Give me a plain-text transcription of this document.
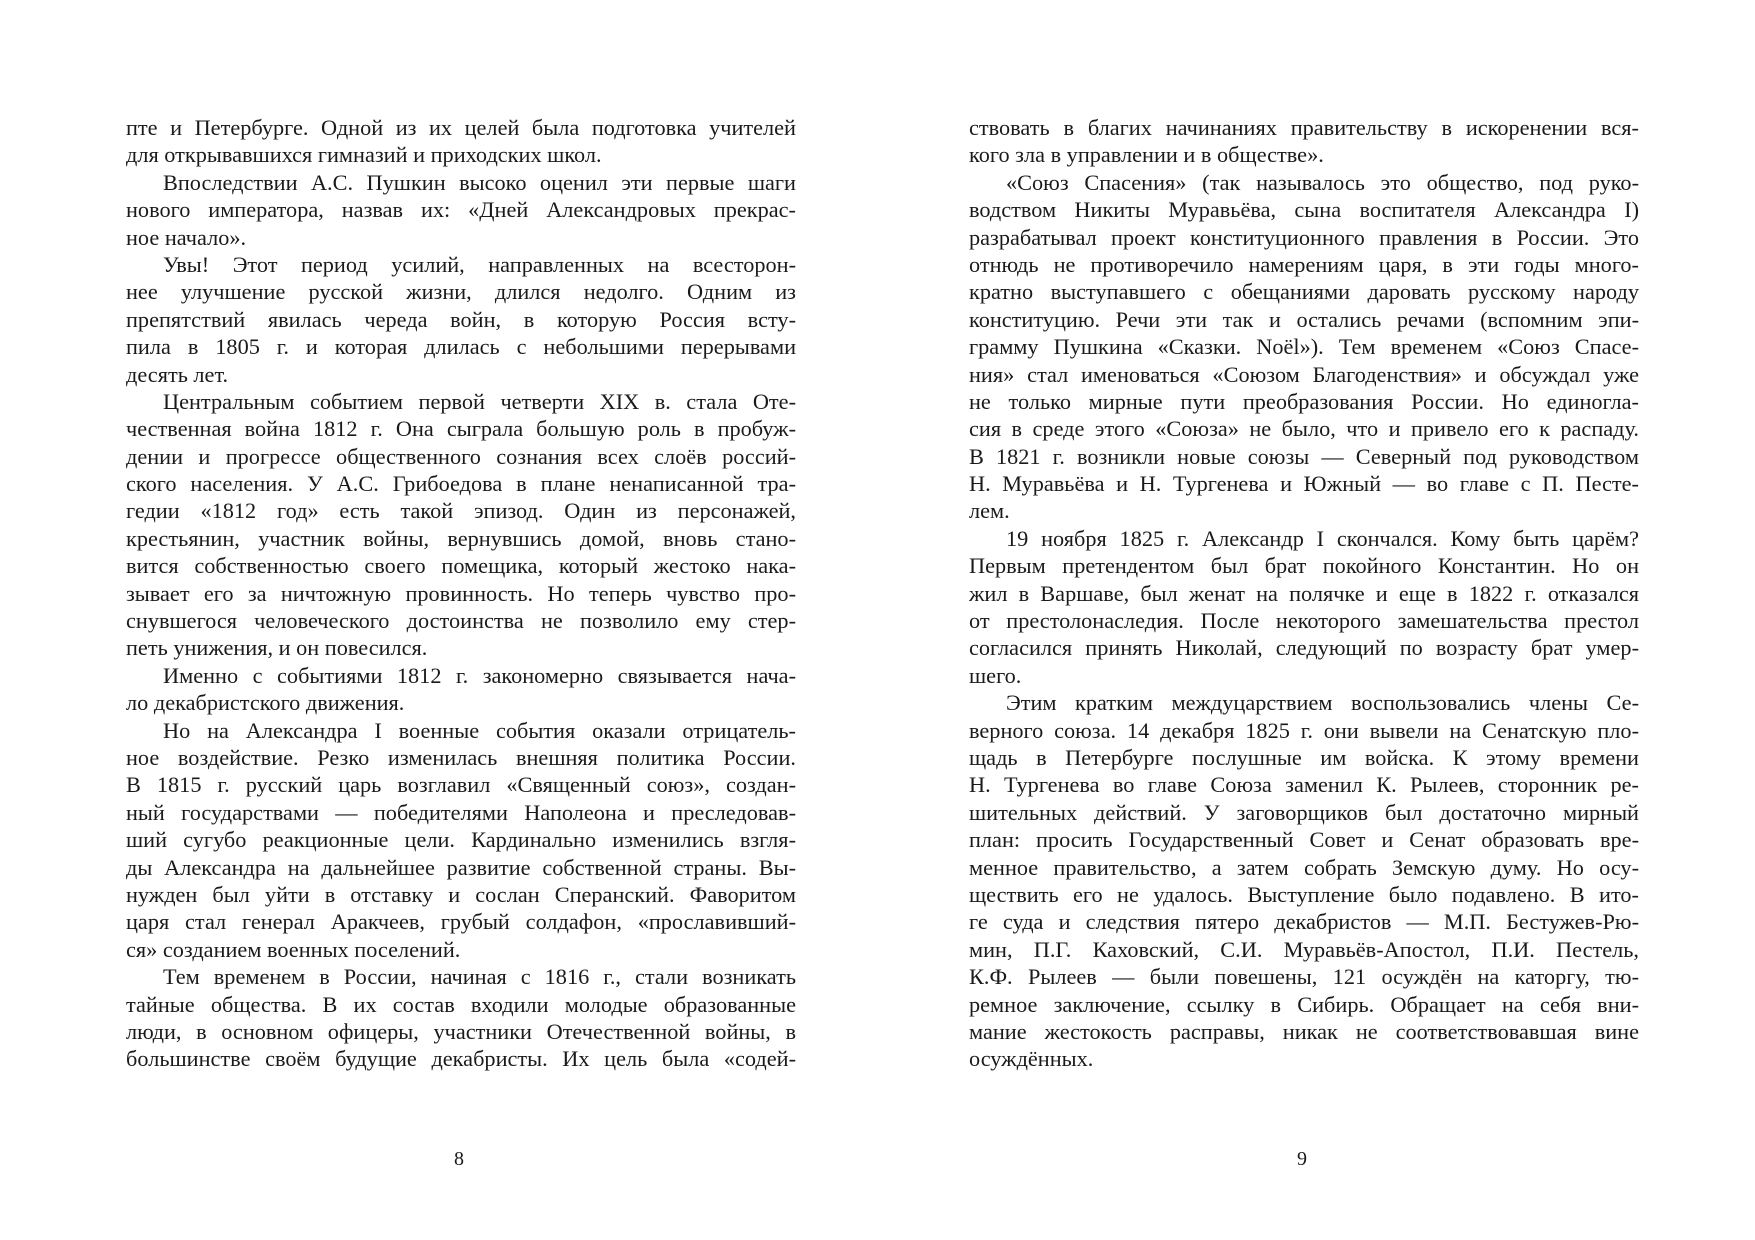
пте и Петербурге. Одной из их целей была подготовка учителей
для открывавшихся гимназий и приходских школ.
Впоследствии А.С. Пушкин высоко оценил эти первые шаги
нового императора, назвав их: «Дней Александровых прекрас-
ное начало».
Увы! Этот период усилий, направленных на всесторон-
нее улучшение русской жизни, длился недолго. Одним из
препятствий явилась череда войн, в которую Россия всту-
пила в 1805 г. и которая длилась с небольшими перерывами
десять лет.
Центральным событием первой четверти XIX в. стала Оте-
чественная война 1812 г. Она сыграла большую роль в пробуж-
дении и прогрессе общественного сознания всех слоёв россий-
ского населения. У А.С. Грибоедова в плане ненаписанной тра-
гедии «1812 год» есть такой эпизод. Один из персонажей,
крестьянин, участник войны, вернувшись домой, вновь стано-
вится собственностью своего помещика, который жестоко нака-
зывает его за ничтожную провинность. Но теперь чувство про-
снувшегося человеческого достоинства не позволило ему стер-
петь унижения, и он повесился.
Именно с событиями 1812 г. закономерно связывается нача-
ло декабристского движения.
Но на Александра I военные события оказали отрицатель-
ное воздействие. Резко изменилась внешняя политика России.
В 1815 г. русский царь возглавил «Священный союз», создан-
ный государствами — победителями Наполеона и преследовав-
ший сугубо реакционные цели. Кардинально изменились взгля-
ды Александра на дальнейшее развитие собственной страны. Вы-
нужден был уйти в отставку и сослан Сперанский. Фаворитом
царя стал генерал Аракчеев, грубый солдафон, «прославивший-
ся» созданием военных поселений.
Тем временем в России, начиная с 1816 г., стали возникать
тайные общества. В их состав входили молодые образованные
люди, в основном офицеры, участники Отечественной войны, в
большинстве своём будущие декабристы. Их цель была «содей-
8
ствовать в благих начинаниях правительству в искоренении вся-
кого зла в управлении и в обществе».
«Союз Спасения» (так называлось это общество, под руко-
водством Никиты Муравьёва, сына воспитателя Александра I)
разрабатывал проект конституционного правления в России. Это
отнюдь не противоречило намерениям царя, в эти годы много-
кратно выступавшего с обещаниями даровать русскому народу
конституцию. Речи эти так и остались речами (вспомним эпи-
грамму Пушкина «Сказки. Noël»). Тем временем «Союз Спасе-
ния» стал именоваться «Союзом Благоденствия» и обсуждал уже
не только мирные пути преобразования России. Но единогла-
сия в среде этого «Союза» не было, что и привело его к распаду.
В 1821 г. возникли новые союзы — Северный под руководством
Н. Муравьёва и Н. Тургенева и Южный — во главе с П. Песте-
лем.
19 ноября 1825 г. Александр I скончался. Кому быть царём?
Первым претендентом был брат покойного Константин. Но он
жил в Варшаве, был женат на полячке и еще в 1822 г. отказался
от престолонаследия. После некоторого замешательства престол
согласился принять Николай, следующий по возрасту брат умер-
шего.
Этим кратким междуцарствием воспользовались члены Се-
верного союза. 14 декабря 1825 г. они вывели на Сенатскую пло-
щадь в Петербурге послушные им войска. К этому времени
Н. Тургенева во главе Союза заменил К. Рылеев, сторонник ре-
шительных действий. У заговорщиков был достаточно мирный
план: просить Государственный Совет и Сенат образовать вре-
менное правительство, а затем собрать Земскую думу. Но осу-
ществить его не удалось. Выступление было подавлено. В ито-
ге суда и следствия пятеро декабристов — М.П. Бестужев-Рю-
мин, П.Г. Каховский, С.И. Муравьёв-Апостол, П.И. Пестель,
К.Ф. Рылеев — были повешены, 121 осуждён на каторгу, тю-
ремное заключение, ссылку в Сибирь. Обращает на себя вни-
мание жестокость расправы, никак не соответствовавшая вине
осуждённых.
9
